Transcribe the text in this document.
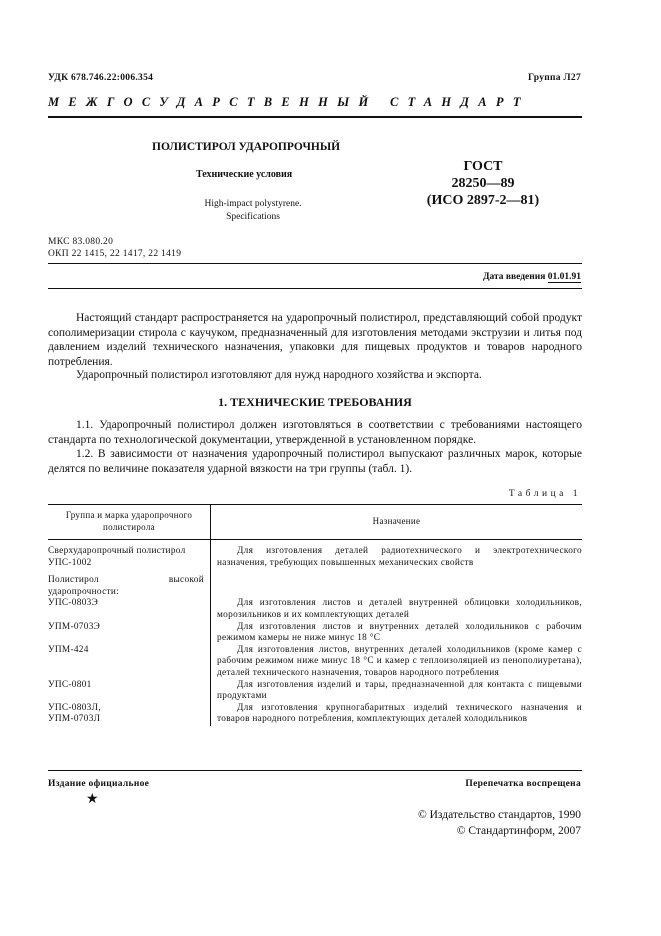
УДК 678.746.22:006.354	Группа Л27
МЕЖГОСУДАРСТВЕННЫЙ СТАНДАРТ
ПОЛИСТИРОЛ УДАРОПРОЧНЫЙ
Технические условия
High-impact polystyrene.
Specifications
ГОСТ
28250—89
(ИСО 2897-2—81)
МКС 83.080.20
ОКП 22 1415, 22 1417, 22 1419
Дата введения 01.01.91
Настоящий стандарт распространяется на ударопрочный полистирол, представляющий собой продукт сополимеризации стирола с каучуком, предназначенный для изготовления методами экструзии и литья под давлением изделий технического назначения, упаковки для пищевых продуктов и товаров народного потребления.
Ударопрочный полистирол изготовляют для нужд народного хозяйства и экспорта.
1. ТЕХНИЧЕСКИЕ ТРЕБОВАНИЯ
1.1. Ударопрочный полистирол должен изготовляться в соответствии с требованиями настоящего стандарта по технологической документации, утвержденной в установленном порядке.
1.2. В зависимости от назначения ударопрочный полистирол выпускают различных марок, которые делятся по величине показателя ударной вязкости на три группы (табл. 1).
Таблица 1
Группа и марка ударопрочного полистирола	Назначение

Сверхударопрочный полистирол	Для изготовления деталей радиотехнического и электротехнического назначения, требующих повышенных механических свойств
УПС-1002	

Полистирол высокой ударопрочности:	
УПС-0803Э	Для изготовления листов и деталей внутренней облицовки холодильников, морозильников и их комплектующих деталей
УПМ-0703Э	Для изготовления листов и внутренних деталей холодильников с рабочим режимом камеры не ниже минус 18 °С
УПМ-424	Для изготовления листов, внутренних деталей холодильников (кроме камер с рабочим режимом ниже минус 18 °С и камер с теплоизоляцией из пенополиуретана), деталей технического назначения, товаров народного потребления
УПС-0801	Для изготовления изделий и тары, предназначенной для контакта с пищевыми продуктами

УПС-0803Л,
УПМ-0703Л	Для изготовления крупногабаритных изделий технического назначения и товаров народного потребления, комплектующих деталей холодильников
Издание официальное	Перепечатка воспрещена
★
© Издательство стандартов, 1990
© Стандартинформ, 2007
